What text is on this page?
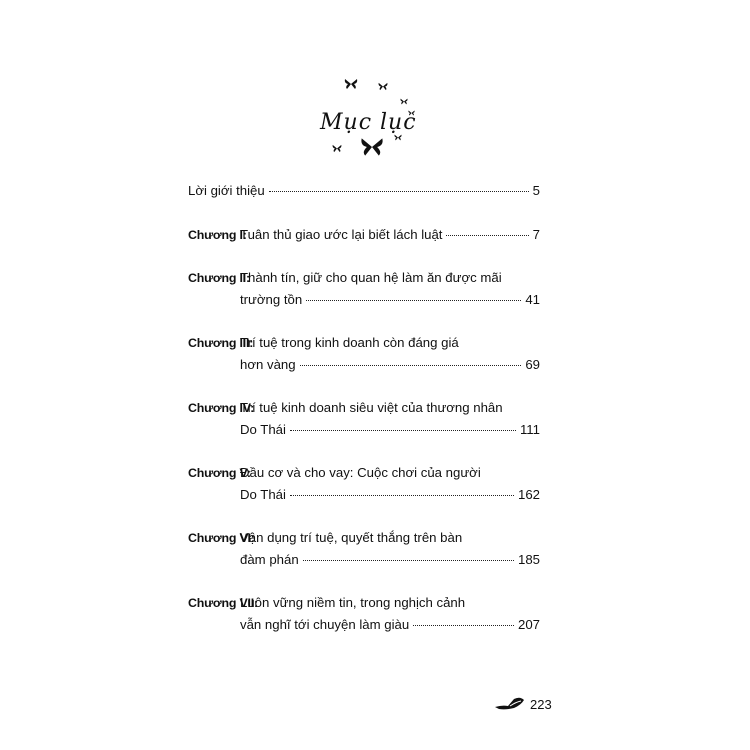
Mục lục
Lời giới thiệu	5
Chương I:
Tuân thủ giao ước lại biết lách luật	7
Chương II:
Thành tín, giữ cho quan hệ làm ăn được mãi
trường tồn	41
Chương III:
Trí tuệ trong kinh doanh còn đáng giá
hơn vàng	69
Chương IV:
Trí tuệ kinh doanh siêu việt của thương nhân
Do Thái	111
Chương V:
Đầu cơ và cho vay: Cuộc chơi của người
Do Thái	162
Chương VI:
Vận dụng trí tuệ, quyết thắng trên bàn
đàm phán	185
Chương VII:
Luôn vững niềm tin, trong nghịch cảnh
vẫn nghĩ tới chuyện làm giàu	207
223
